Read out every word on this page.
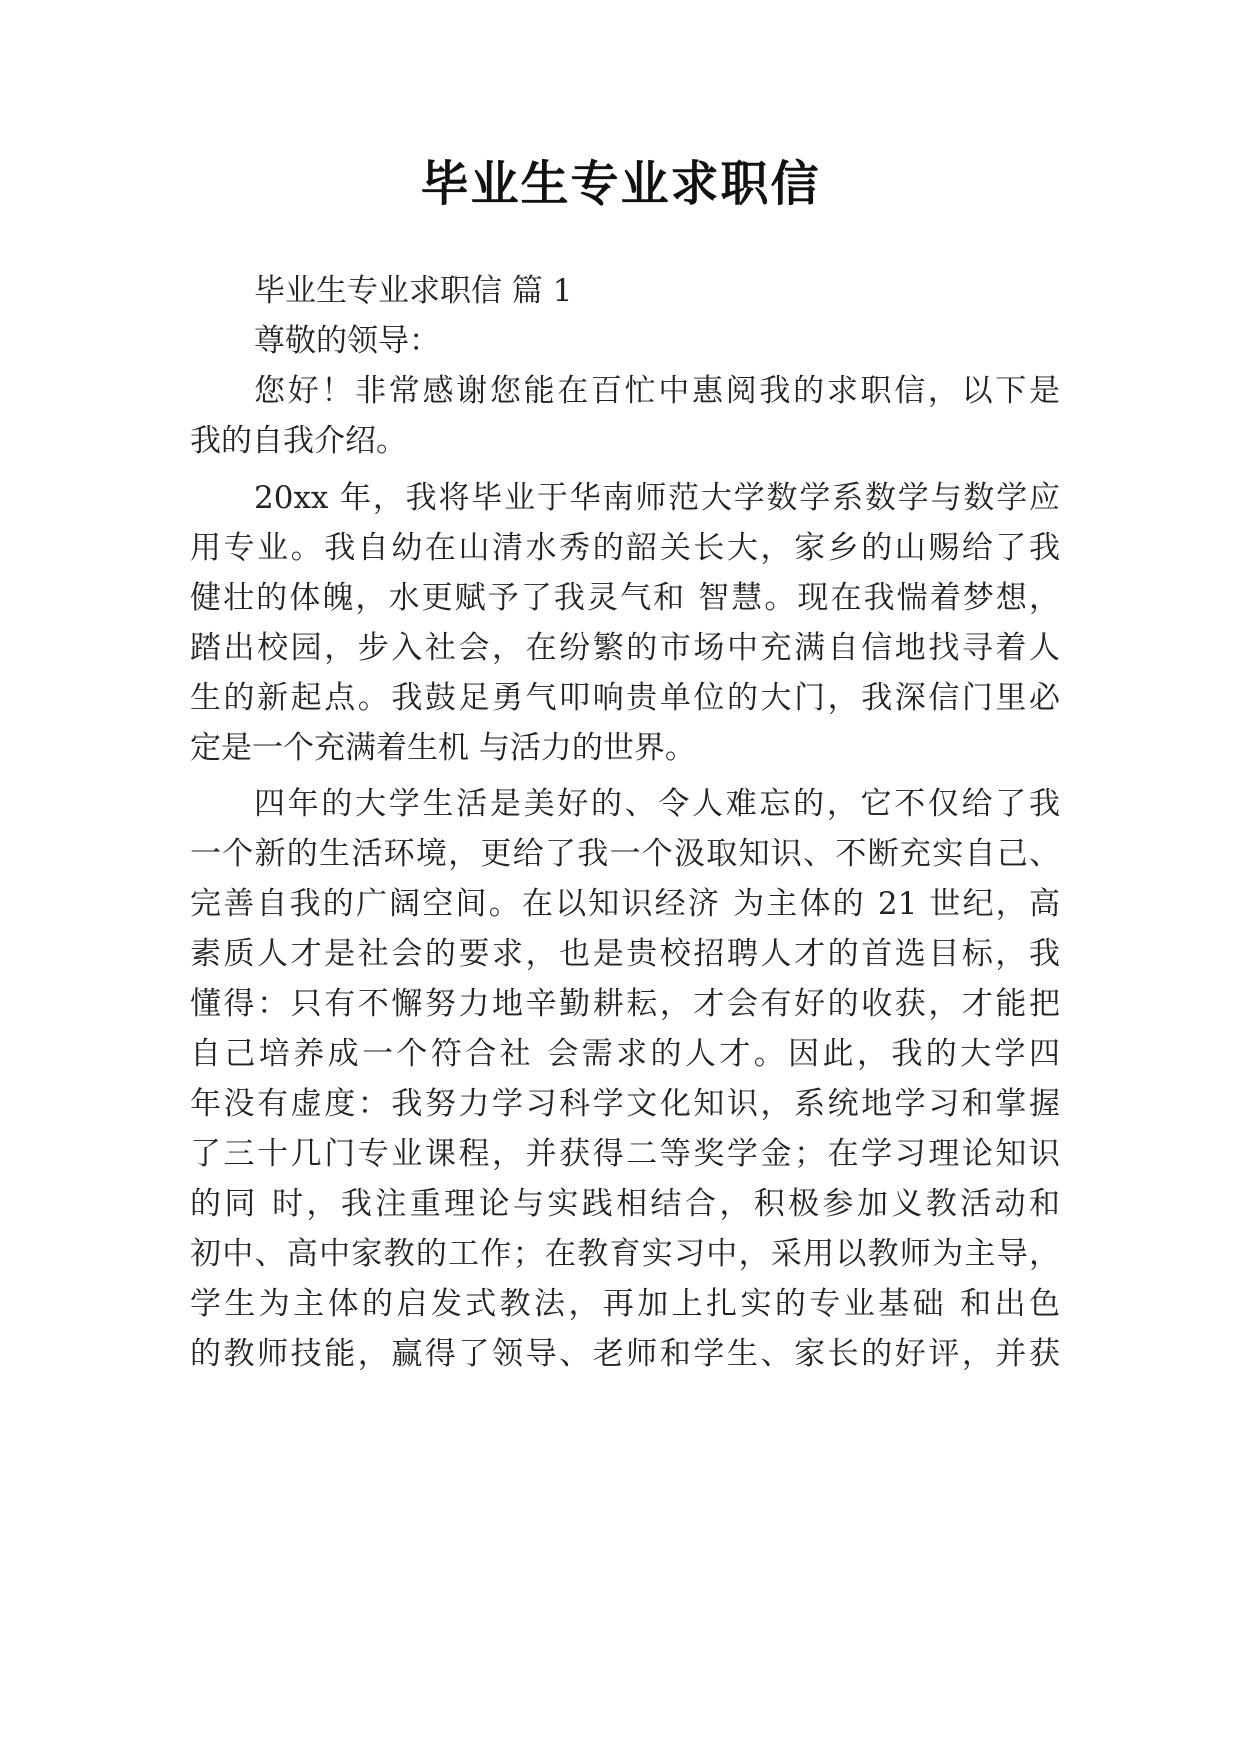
毕业生专业求职信
毕业生专业求职信 篇 1
尊敬的领导：
您好！非常感谢您能在百忙中惠阅我的求职信，以下是
我的自我介绍。
20xx 年，我将毕业于华南师范大学数学系数学与数学应
用专业。我自幼在山清水秀的韶关长大，家乡的山赐给了我
健壮的体魄，水更赋予了我灵气和 智慧。现在我惴着梦想，
踏出校园，步入社会，在纷繁的市场中充满自信地找寻着人
生的新起点。我鼓足勇气叩响贵单位的大门，我深信门里必
定是一个充满着生机 与活力的世界。
四年的大学生活是美好的、令人难忘的，它不仅给了我
一个新的生活环境，更给了我一个汲取知识、不断充实自己、
完善自我的广阔空间。在以知识经济 为主体的 21 世纪，高
素质人才是社会的要求，也是贵校招聘人才的首选目标，我
懂得：只有不懈努力地辛勤耕耘，才会有好的收获，才能把
自己培养成一个符合社 会需求的人才。因此，我的大学四
年没有虚度：我努力学习科学文化知识，系统地学习和掌握
了三十几门专业课程，并获得二等奖学金；在学习理论知识
的同 时，我注重理论与实践相结合，积极参加义教活动和
初中、高中家教的工作；在教育实习中，采用以教师为主导，
学生为主体的启发式教法，再加上扎实的专业基础 和出色
的教师技能，赢得了领导、老师和学生、家长的好评，并获
